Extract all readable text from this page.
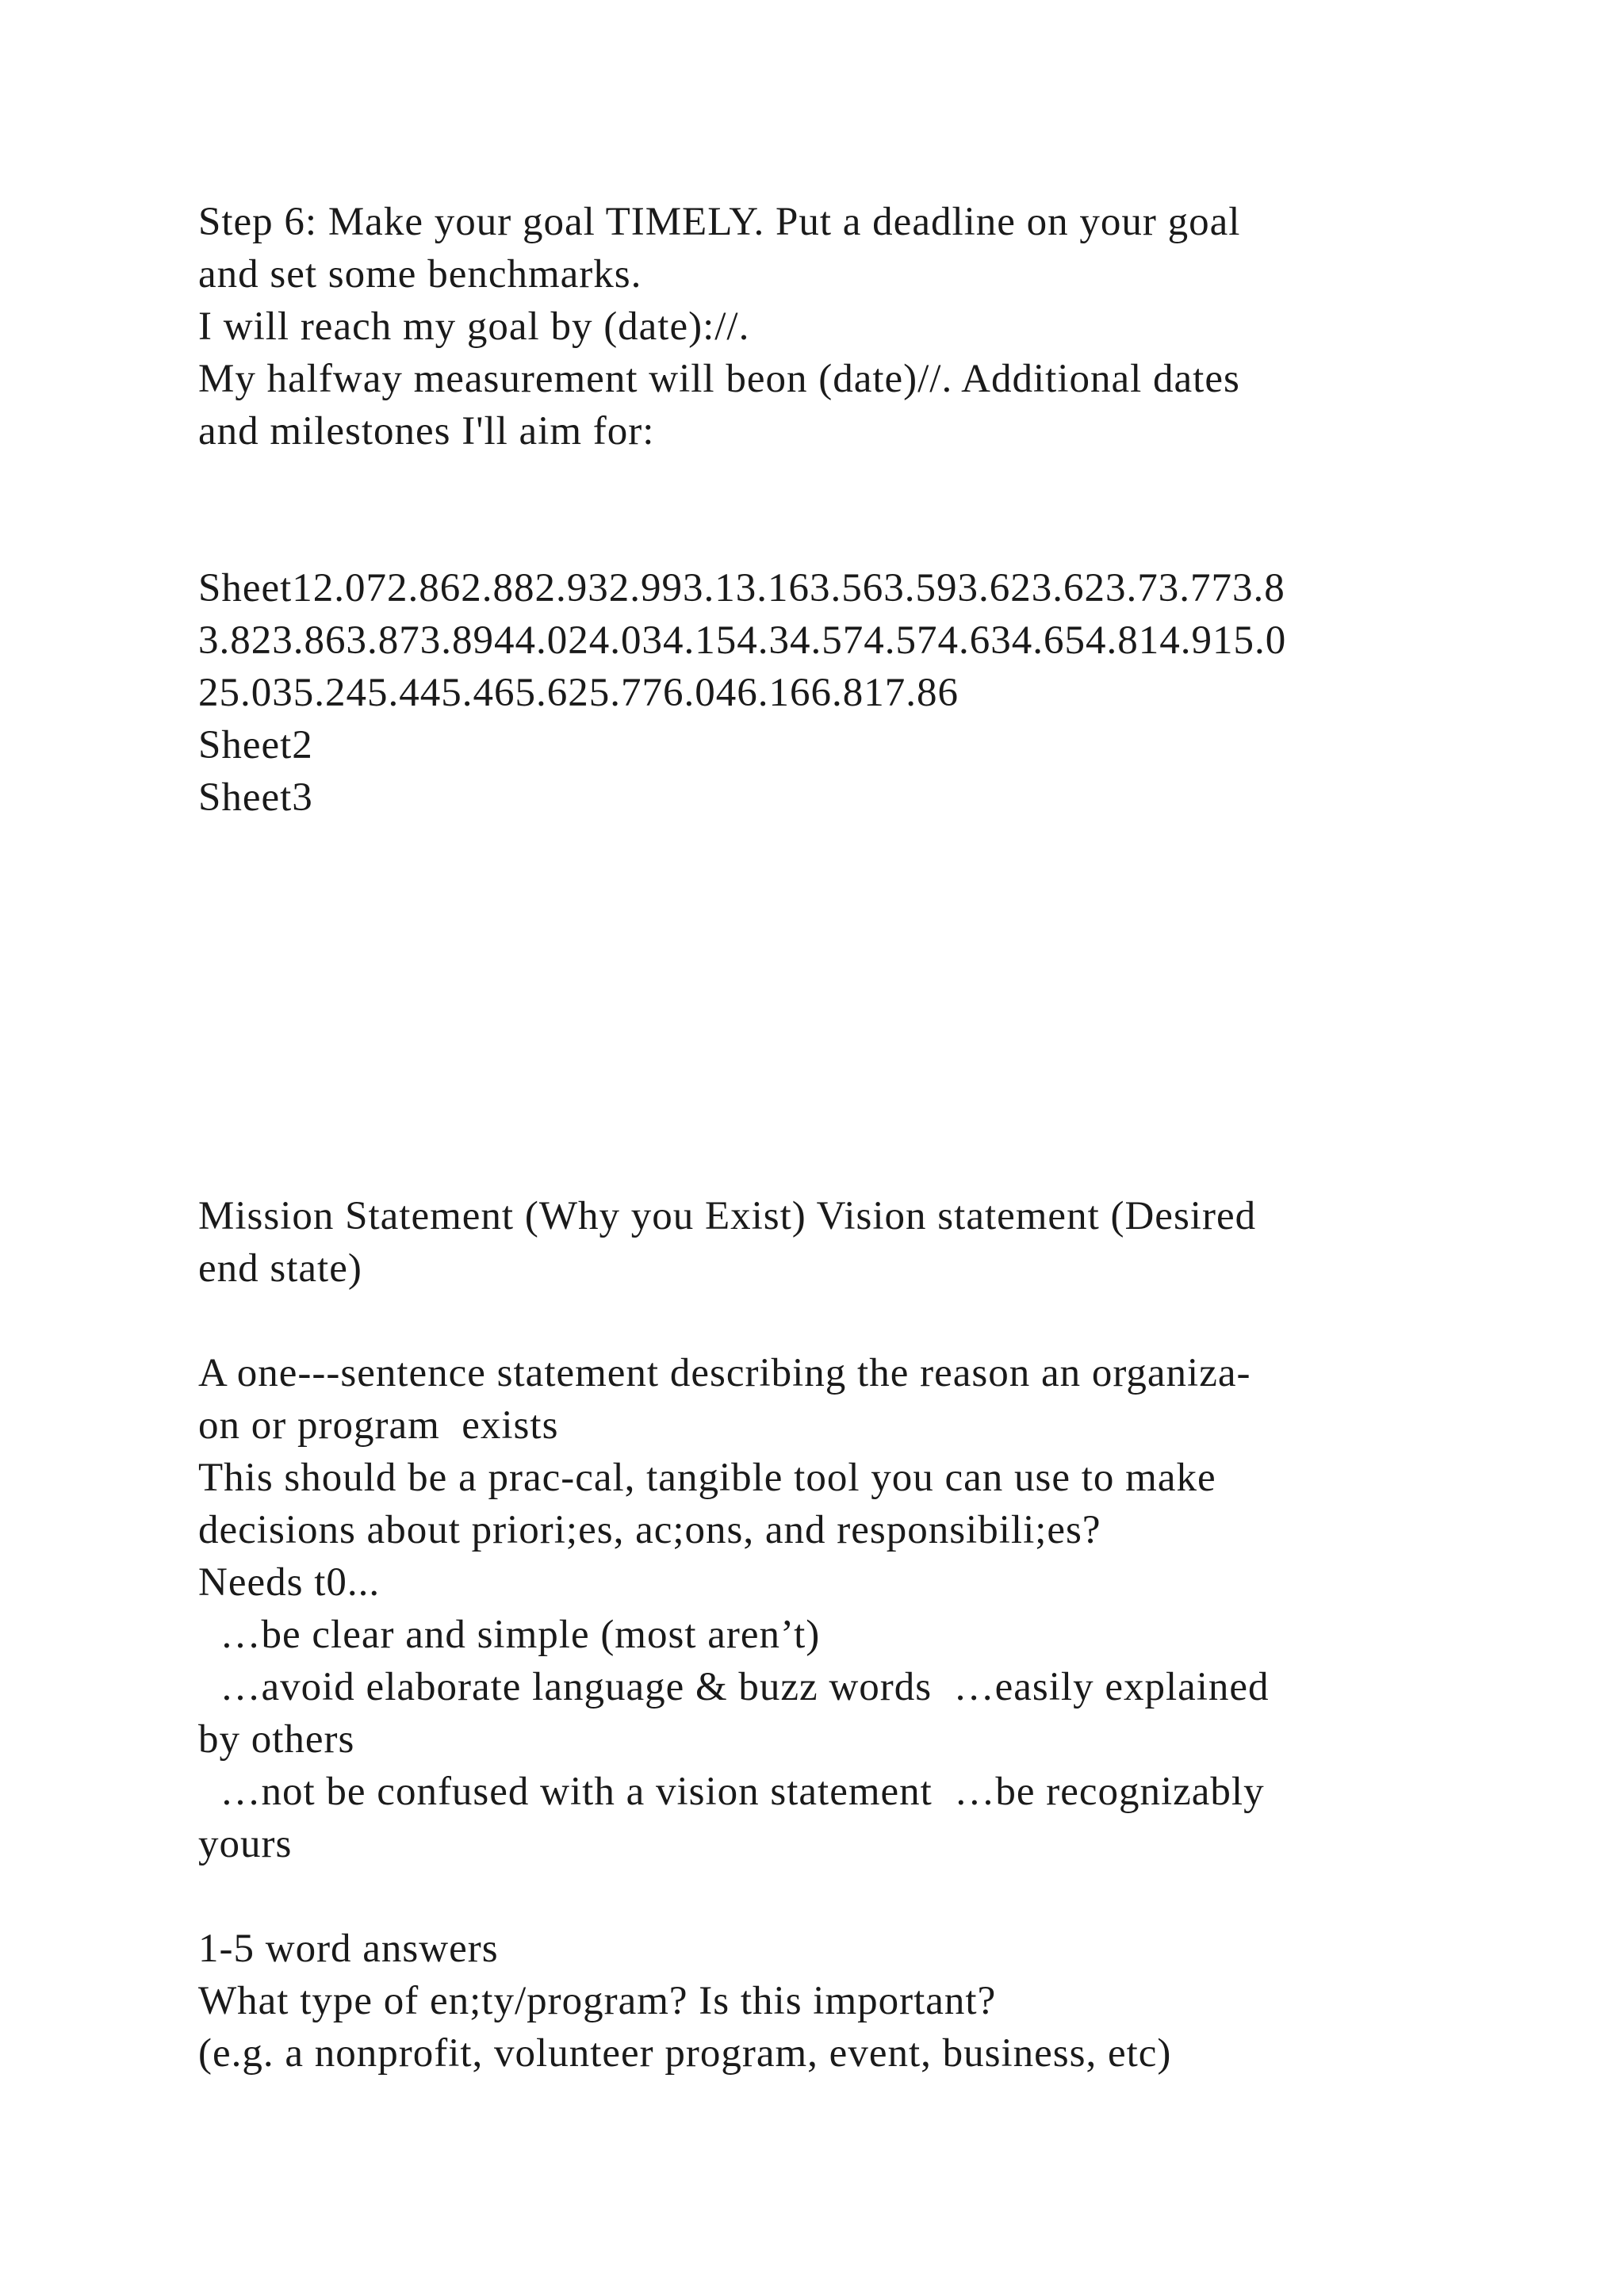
Step 6: Make your goal TIMELY. Put a deadline on your goal

and set some benchmarks.

I will reach my goal by (date)://.

My halfway measurement will beon (date)//. Additional dates

and milestones I'll aim for:

Sheet12.072.862.882.932.993.13.163.563.593.623.623.73.773.8

3.823.863.873.8944.024.034.154.34.574.574.634.654.814.915.0

25.035.245.445.465.625.776.046.166.817.86

Sheet2

Sheet3

Mission Statement (Why you Exist) Vision statement (Desired

end state)

A one---sentence statement describing the reason an organiza-

on or program  exists

This should be a prac-cal, tangible tool you can use to make

decisions about priori;es, ac;ons, and responsibili;es?

Needs t0...

…be clear and simple (most aren’t)

…avoid elaborate language & buzz words  …easily explained

by others

…not be confused with a vision statement  …be recognizably

yours

1-5 word answers

What type of en;ty/program? Is this important?

(e.g. a nonprofit, volunteer program, event, business, etc)
